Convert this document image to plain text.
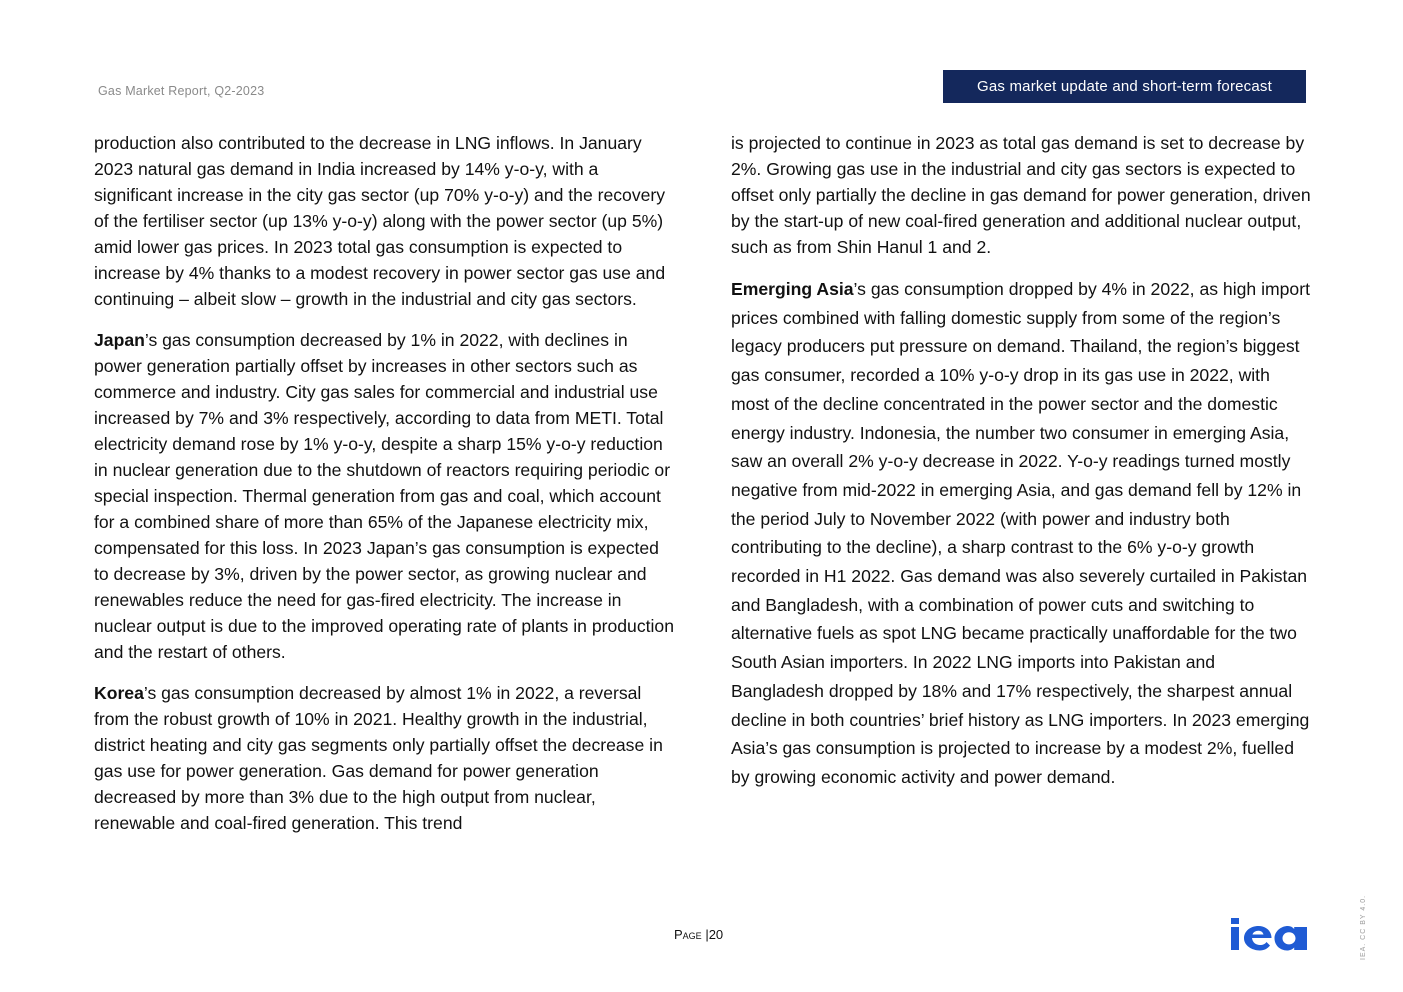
Gas Market Report, Q2-2023	Gas market update and short-term forecast

production also contributed to the decrease in LNG inflows. In January 2023 natural gas demand in India increased by 14% y-o-y, with a significant increase in the city gas sector (up 70% y-o-y) and the recovery of the fertiliser sector (up 13% y-o-y) along with the power sector (up 5%) amid lower gas prices. In 2023 total gas consumption is expected to increase by 4% thanks to a modest recovery in power sector gas use and continuing – albeit slow – growth in the industrial and city gas sectors.

Japan’s gas consumption decreased by 1% in 2022, with declines in power generation partially offset by increases in other sectors such as commerce and industry. City gas sales for commercial and industrial use increased by 7% and 3% respectively, according to data from METI. Total electricity demand rose by 1% y-o-y, despite a sharp 15% y-o-y reduction in nuclear generation due to the shutdown of reactors requiring periodic or special inspection. Thermal generation from gas and coal, which account for a combined share of more than 65% of the Japanese electricity mix, compensated for this loss. In 2023 Japan’s gas consumption is expected to decrease by 3%, driven by the power sector, as growing nuclear and renewables reduce the need for gas-fired electricity. The increase in nuclear output is due to the improved operating rate of plants in production and the restart of others.

Korea’s gas consumption decreased by almost 1% in 2022, a reversal from the robust growth of 10% in 2021. Healthy growth in the industrial, district heating and city gas segments only partially offset the decrease in gas use for power generation. Gas demand for power generation decreased by more than 3% due to the high output from nuclear, renewable and coal-fired generation. This trend

is projected to continue in 2023 as total gas demand is set to decrease by 2%. Growing gas use in the industrial and city gas sectors is expected to offset only partially the decline in gas demand for power generation, driven by the start-up of new coal-fired generation and additional nuclear output, such as from Shin Hanul 1 and 2.

Emerging Asia’s gas consumption dropped by 4% in 2022, as high import prices combined with falling domestic supply from some of the region’s legacy producers put pressure on demand. Thailand, the region’s biggest gas consumer, recorded a 10% y-o-y drop in its gas use in 2022, with most of the decline concentrated in the power sector and the domestic energy industry. Indonesia, the number two consumer in emerging Asia, saw an overall 2% y-o-y decrease in 2022. Y-o-y readings turned mostly negative from mid-2022 in emerging Asia, and gas demand fell by 12% in the period July to November 2022 (with power and industry both contributing to the decline), a sharp contrast to the 6% y-o-y growth recorded in H1 2022. Gas demand was also severely curtailed in Pakistan and Bangladesh, with a combination of power cuts and switching to alternative fuels as spot LNG became practically unaffordable for the two South Asian importers. In 2022 LNG imports into Pakistan and Bangladesh dropped by 18% and 17% respectively, the sharpest annual decline in both countries’ brief history as LNG importers. In 2023 emerging Asia’s gas consumption is projected to increase by a modest 2%, fuelled by growing economic activity and power demand.

Page |20	IEA. CC BY 4.0.
